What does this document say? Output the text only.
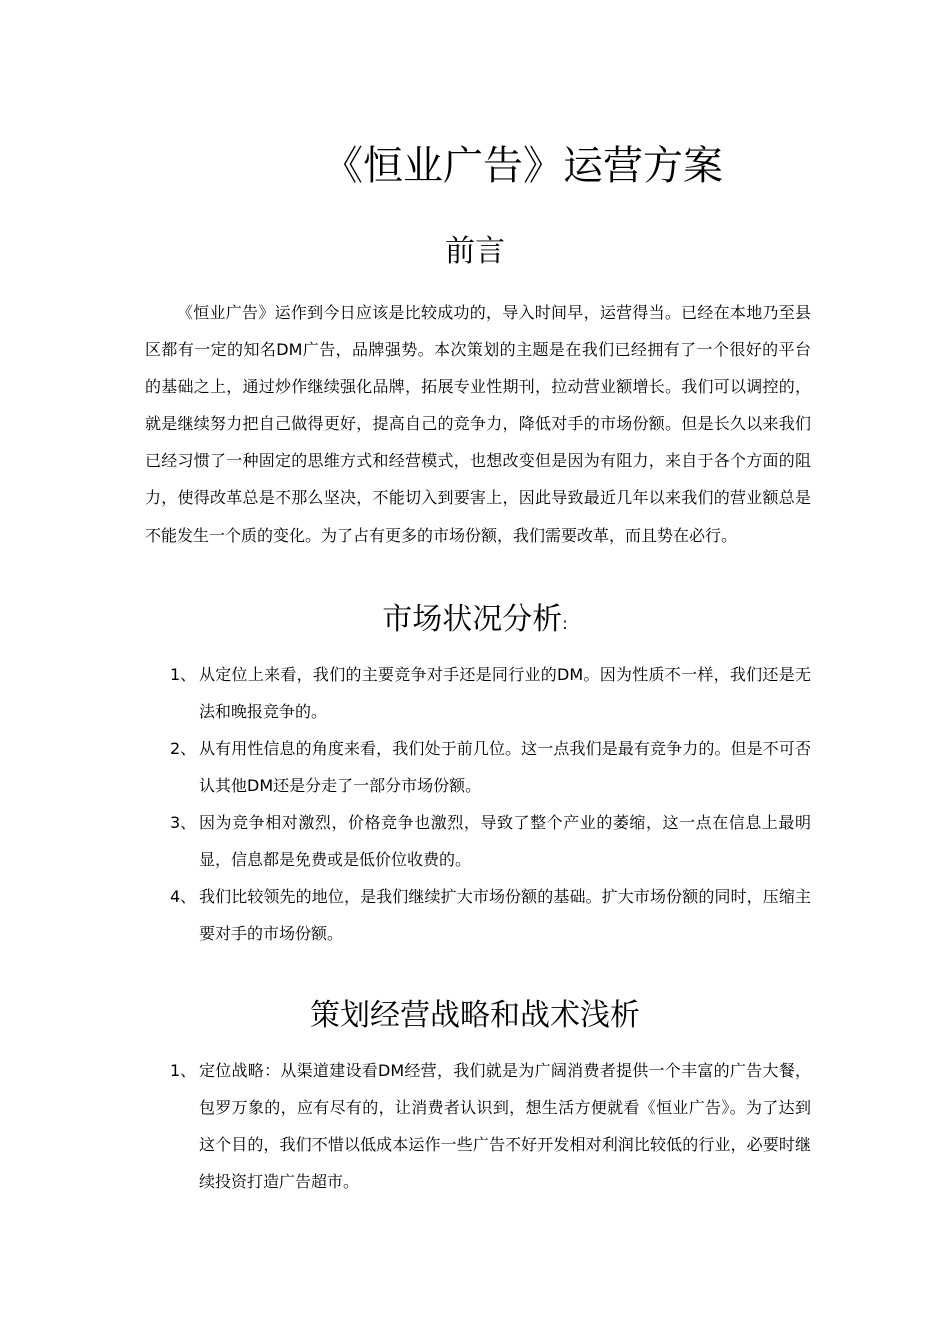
《恒业广告》运营方案
前言
《恒业广告》运作到今日应该是比较成功的，导入时间早，运营得当。已经在本地乃至县区都有一定的知名DM广告，品牌强势。本次策划的主题是在我们已经拥有了一个很好的平台的基础之上，通过炒作继续强化品牌，拓展专业性期刊，拉动营业额增长。我们可以调控的，就是继续努力把自己做得更好，提高自己的竞争力，降低对手的市场份额。但是长久以来我们已经习惯了一种固定的思维方式和经营模式，也想改变但是因为有阻力，来自于各个方面的阻力，使得改革总是不那么坚决，不能切入到要害上，因此导致最近几年以来我们的营业额总是不能发生一个质的变化。为了占有更多的市场份额，我们需要改革，而且势在必行。
市场状况分析:
1、 从定位上来看，我们的主要竞争对手还是同行业的DM。因为性质不一样，我们还是无法和晚报竞争的。
2、 从有用性信息的角度来看，我们处于前几位。这一点我们是最有竞争力的。但是不可否认其他DM还是分走了一部分市场份额。
3、 因为竞争相对激烈，价格竞争也激烈，导致了整个产业的萎缩，这一点在信息上最明显，信息都是免费或是低价位收费的。
4、 我们比较领先的地位，是我们继续扩大市场份额的基础。扩大市场份额的同时，压缩主要对手的市场份额。
策划经营战略和战术浅析
1、 定位战略：从渠道建设看DM经营，我们就是为广阔消费者提供一个丰富的广告大餐，包罗万象的，应有尽有的，让消费者认识到，想生活方便就看《恒业广告》。为了达到这个目的，我们不惜以低成本运作一些广告不好开发相对利润比较低的行业，必要时继续投资打造广告超市。
